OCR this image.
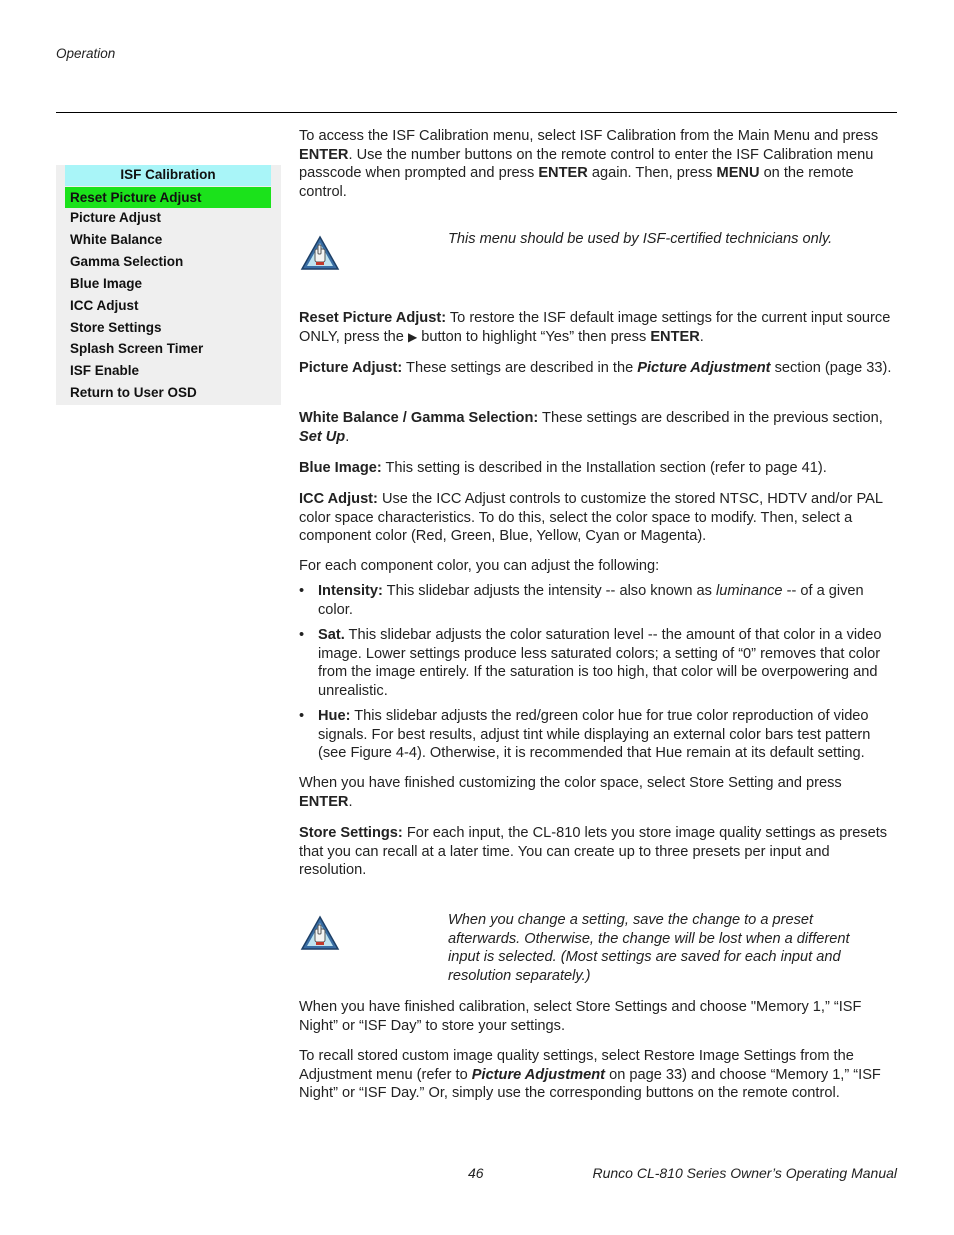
Operation
ISF Calibration
Reset Picture Adjust
Picture Adjust
White Balance
Gamma Selection
Blue Image
ICC Adjust
Store Settings
Splash Screen Timer
ISF Enable
Return to User OSD

To access the ISF Calibration menu, select ISF Calibration from the Main Menu and press ENTER. Use the number buttons on the remote control to enter the ISF Calibration menu passcode when prompted and press ENTER again. Then, press MENU on the remote control.

This menu should be used by ISF-certified technicians only.

Reset Picture Adjust: To restore the ISF default image settings for the current input source ONLY, press the ▶ button to highlight “Yes” then press ENTER.

Picture Adjust: These settings are described in the Picture Adjustment section (page 33).

White Balance / Gamma Selection: These settings are described in the previous section, Set Up.

Blue Image: This setting is described in the Installation section (refer to page 41).

ICC Adjust: Use the ICC Adjust controls to customize the stored NTSC, HDTV and/or PAL color space characteristics. To do this, select the color space to modify. Then, select a component color (Red, Green, Blue, Yellow, Cyan or Magenta).

For each component color, you can adjust the following:
• Intensity: This slidebar adjusts the intensity -- also known as luminance -- of a given color.
• Sat. This slidebar adjusts the color saturation level -- the amount of that color in a video image. Lower settings produce less saturated colors; a setting of “0” removes that color from the image entirely. If the saturation is too high, that color will be overpowering and unrealistic.
• Hue: This slidebar adjusts the red/green color hue for true color reproduction of video signals. For best results, adjust tint while displaying an external color bars test pattern (see Figure 4-4). Otherwise, it is recommended that Hue remain at its default setting.

When you have finished customizing the color space, select Store Setting and press ENTER.

Store Settings: For each input, the CL-810 lets you store image quality settings as presets that you can recall at a later time. You can create up to three presets per input and resolution.

When you change a setting, save the change to a preset afterwards. Otherwise, the change will be lost when a different input is selected. (Most settings are saved for each input and resolution separately.)
When you have finished calibration, select Store Settings and choose "Memory 1,” “ISF Night” or “ISF Day” to store your settings.

To recall stored custom image quality settings, select Restore Image Settings from the Adjustment menu (refer to Picture Adjustment on page 33) and choose “Memory 1,” “ISF Night” or “ISF Day.” Or, simply use the corresponding buttons on the remote control.

46	Runco CL-810 Series Owner’s Operating Manual
